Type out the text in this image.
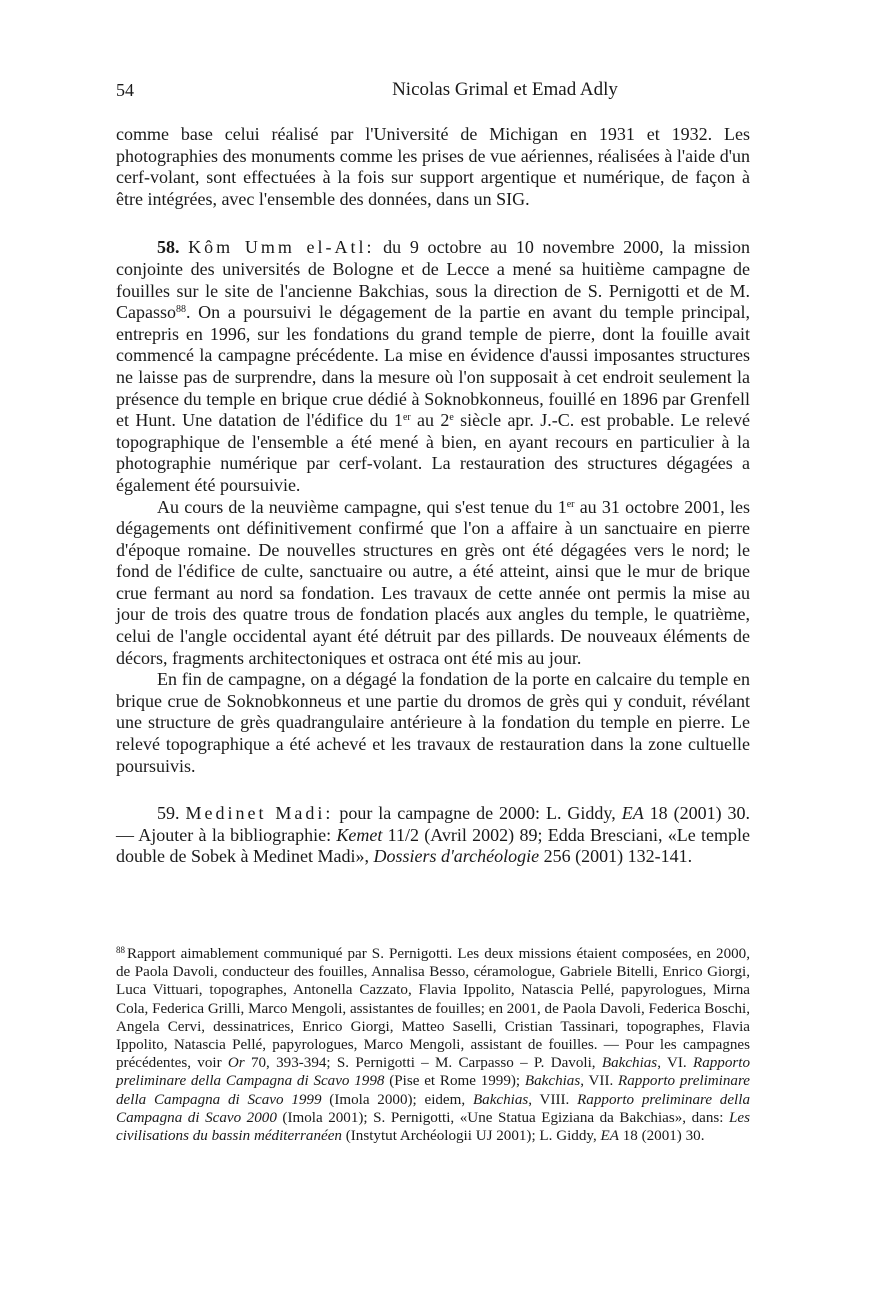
54	Nicolas Grimal et Emad Adly

comme base celui réalisé par l'Université de Michigan en 1931 et 1932. Les photographies des monuments comme les prises de vue aériennes, réalisées à l'aide d'un cerf-volant, sont effectuées à la fois sur support argentique et numérique, de façon à être intégrées, avec l'ensemble des données, dans un SIG.

58. Kôm Umm el-Atl: du 9 octobre au 10 novembre 2000, la mission conjointe des universités de Bologne et de Lecce a mené sa huitième campagne de fouilles sur le site de l'ancienne Bakchias, sous la direction de S. Pernigotti et de M. Capasso$^{88}$. On a poursuivi le dégagement de la partie en avant du temple principal, entrepris en 1996, sur les fondations du grand temple de pierre, dont la fouille avait commencé la campagne précédente. La mise en évidence d'aussi imposantes structures ne laisse pas de surprendre, dans la mesure où l'on supposait à cet endroit seulement la présence du temple en brique crue dédié à Soknobkonneus, fouillé en 1896 par Grenfell et Hunt. Une datation de l'édifice du 1er au 2e siècle apr. J.-C. est probable. Le relevé topographique de l'ensemble a été mené à bien, en ayant recours en particulier à la photographie numérique par cerf-volant. La restauration des structures dégagées a également été poursuivie.

Au cours de la neuvième campagne, qui s'est tenue du 1er au 31 octobre 2001, les dégagements ont définitivement confirmé que l'on a affaire à un sanctuaire en pierre d'époque romaine. De nouvelles structures en grès ont été dégagées vers le nord; le fond de l'édifice de culte, sanctuaire ou autre, a été atteint, ainsi que le mur de brique crue fermant au nord sa fondation. Les travaux de cette année ont permis la mise au jour de trois des quatre trous de fondation placés aux angles du temple, le quatrième, celui de l'angle occidental ayant été détruit par des pillards. De nouveaux éléments de décors, fragments architectoniques et ostraca ont été mis au jour.

En fin de campagne, on a dégagé la fondation de la porte en calcaire du temple en brique crue de Soknobkonneus et une partie du dromos de grès qui y conduit, révélant une structure de grès quadrangulaire antérieure à la fondation du temple en pierre. Le relevé topographique a été achevé et les travaux de restauration dans la zone cultuelle poursuivis.

59. Medinet Madi: pour la campagne de 2000: L. Giddy, EA 18 (2001) 30. — Ajouter à la bibliographie: Kemet 11/2 (Avril 2002) 89; Edda Bresciani, «Le temple double de Sobek à Medinet Madi», Dossiers d'archéologie 256 (2001) 132-141.

$^{88}$ Rapport aimablement communiqué par S. Pernigotti. Les deux missions étaient composées, en 2000, de Paola Davoli, conducteur des fouilles, Annalisa Besso, céramologue, Gabriele Bitelli, Enrico Giorgi, Luca Vittuari, topographes, Antonella Cazzato, Flavia Ippolito, Natascia Pellé, papyrologues, Mirna Cola, Federica Grilli, Marco Mengoli, assistantes de fouilles; en 2001, de Paola Davoli, Federica Boschi, Angela Cervi, dessinatrices, Enrico Giorgi, Matteo Saselli, Cristian Tassinari, topographes, Flavia Ippolito, Natascia Pellé, papyrologues, Marco Mengoli, assistant de fouilles. — Pour les campagnes précédentes, voir Or 70, 393-394; S. Pernigotti – M. Carpasso – P. Davoli, Bakchias, VI. Rapporto preliminare della Campagna di Scavo 1998 (Pise et Rome 1999); Bakchias, VII. Rapporto preliminare della Campagna di Scavo 1999 (Imola 2000); eidem, Bakchias, VIII. Rapporto preliminare della Campagna di Scavo 2000 (Imola 2001); S. Pernigotti, «Une Statua Egiziana da Bakchias», dans: Les civilisations du bassin méditerranéen (Instytut Archéologii UJ 2001); L. Giddy, EA 18 (2001) 30.
